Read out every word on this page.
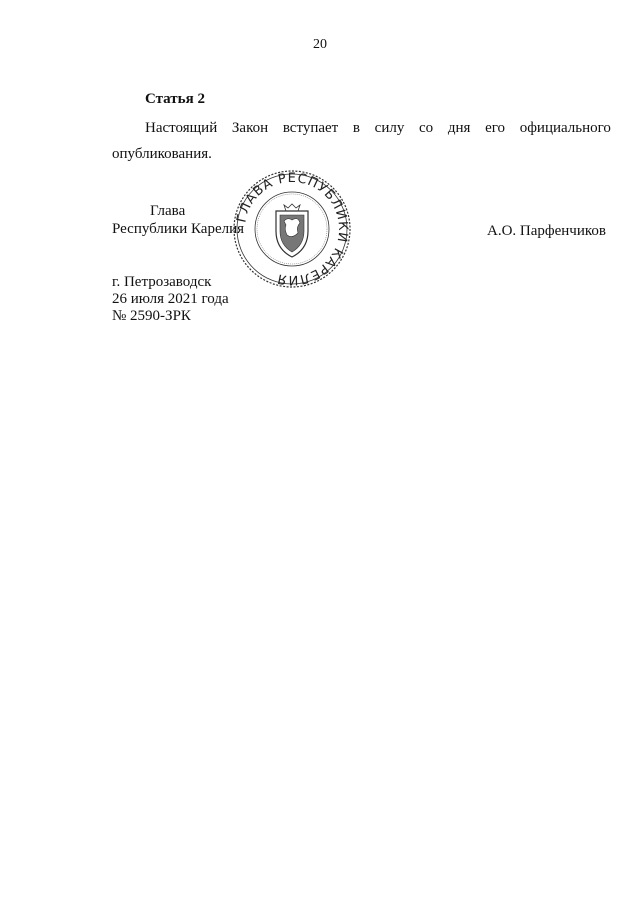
20
Статья 2
Настоящий Закон вступает в силу со дня его официального
опубликования.
ГЛАВА РЕСПУБЛИКИ КАРЕЛИЯ
Глава
Республики Карелия	А.О. Парфенчиков
г. Петрозаводск
26 июля 2021 года
№ 2590-ЗРК
